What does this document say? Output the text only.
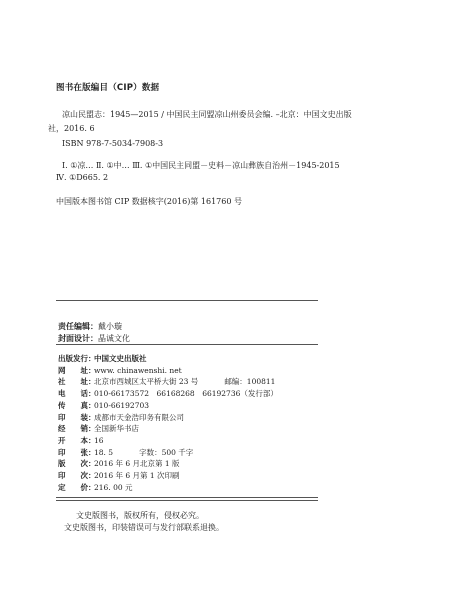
图书在版编目（CIP）数据
凉山民盟志：1945—2015 / 中国民主同盟凉山州委员会编. –北京：中国文史出版
社，2016. 6
ISBN 978-7-5034-7908-3
Ⅰ. ①凉… Ⅱ. ①中… Ⅲ. ①中国民主同盟－史料－凉山彝族自治州－1945-2015
Ⅳ. ①D665. 2
中国版本图书馆 CIP 数据核字(2016)第 161760 号
责任编辑：戴小璇
封面设计：晶诚文化
出版发行：中国文史出版社
网　　址：www. chinawenshi. net
社　　址：北京市西城区太平桥大街 23 号	邮编：100811
电　　话：010-66173572　66168268　66192736（发行部）
传　　真：010-66192703
印　　装：成都市天金浩印务有限公司
经　　销：全国新华书店
开　　本：16
印　　张：18. 5	字数：500 千字
版　　次：2016 年 6 月北京第 1 版
印　　次：2016 年 6 月第 1 次印刷
定　　价：216. 00 元
文史版图书，版权所有，侵权必究。
文史版图书，印装错误可与发行部联系退换。
